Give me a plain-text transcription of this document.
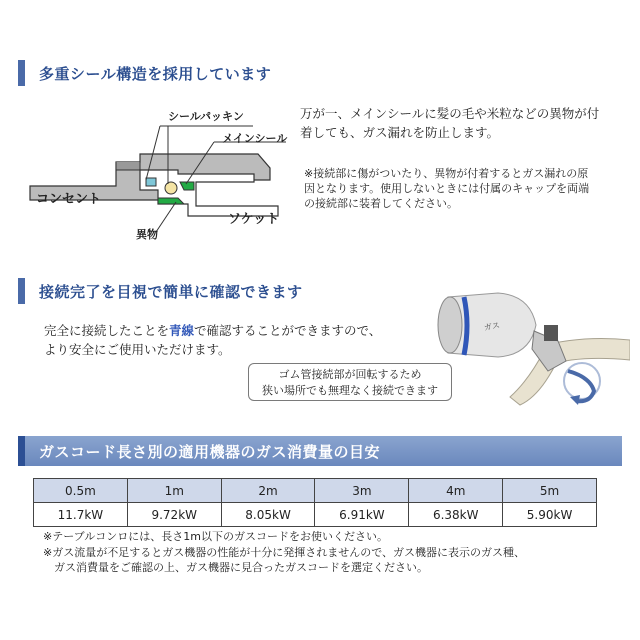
多重シール構造を採用しています
シールパッキン
メインシール
コンセント
ソケット
異物
万が一、メインシールに髪の毛や米粒などの異物が付着しても、ガス漏れを防止します。
※接続部に傷がついたり、異物が付着するとガス漏れの原因となります。使用しないときには付属のキャップを両端の接続部に装着してください。
接続完了を目視で簡単に確認できます
完全に接続したことを青線で確認することができますので、より安全にご使用いただけます。
ゴム管接続部が回転するため
狭い場所でも無理なく接続できます
ガス
ガスコード長さ別の適用機器のガス消費量の目安
0.5m	1m	2m	3m	4m	5m
11.7kW	9.72kW	8.05kW	6.91kW	6.38kW	5.90kW
※テーブルコンロには、長さ1m以下のガスコードをお使いください。
※ガス流量が不足するとガス機器の性能が十分に発揮されませんので、ガス機器に表示のガス種、
ガス消費量をご確認の上、ガス機器に見合ったガスコードを選定ください。
